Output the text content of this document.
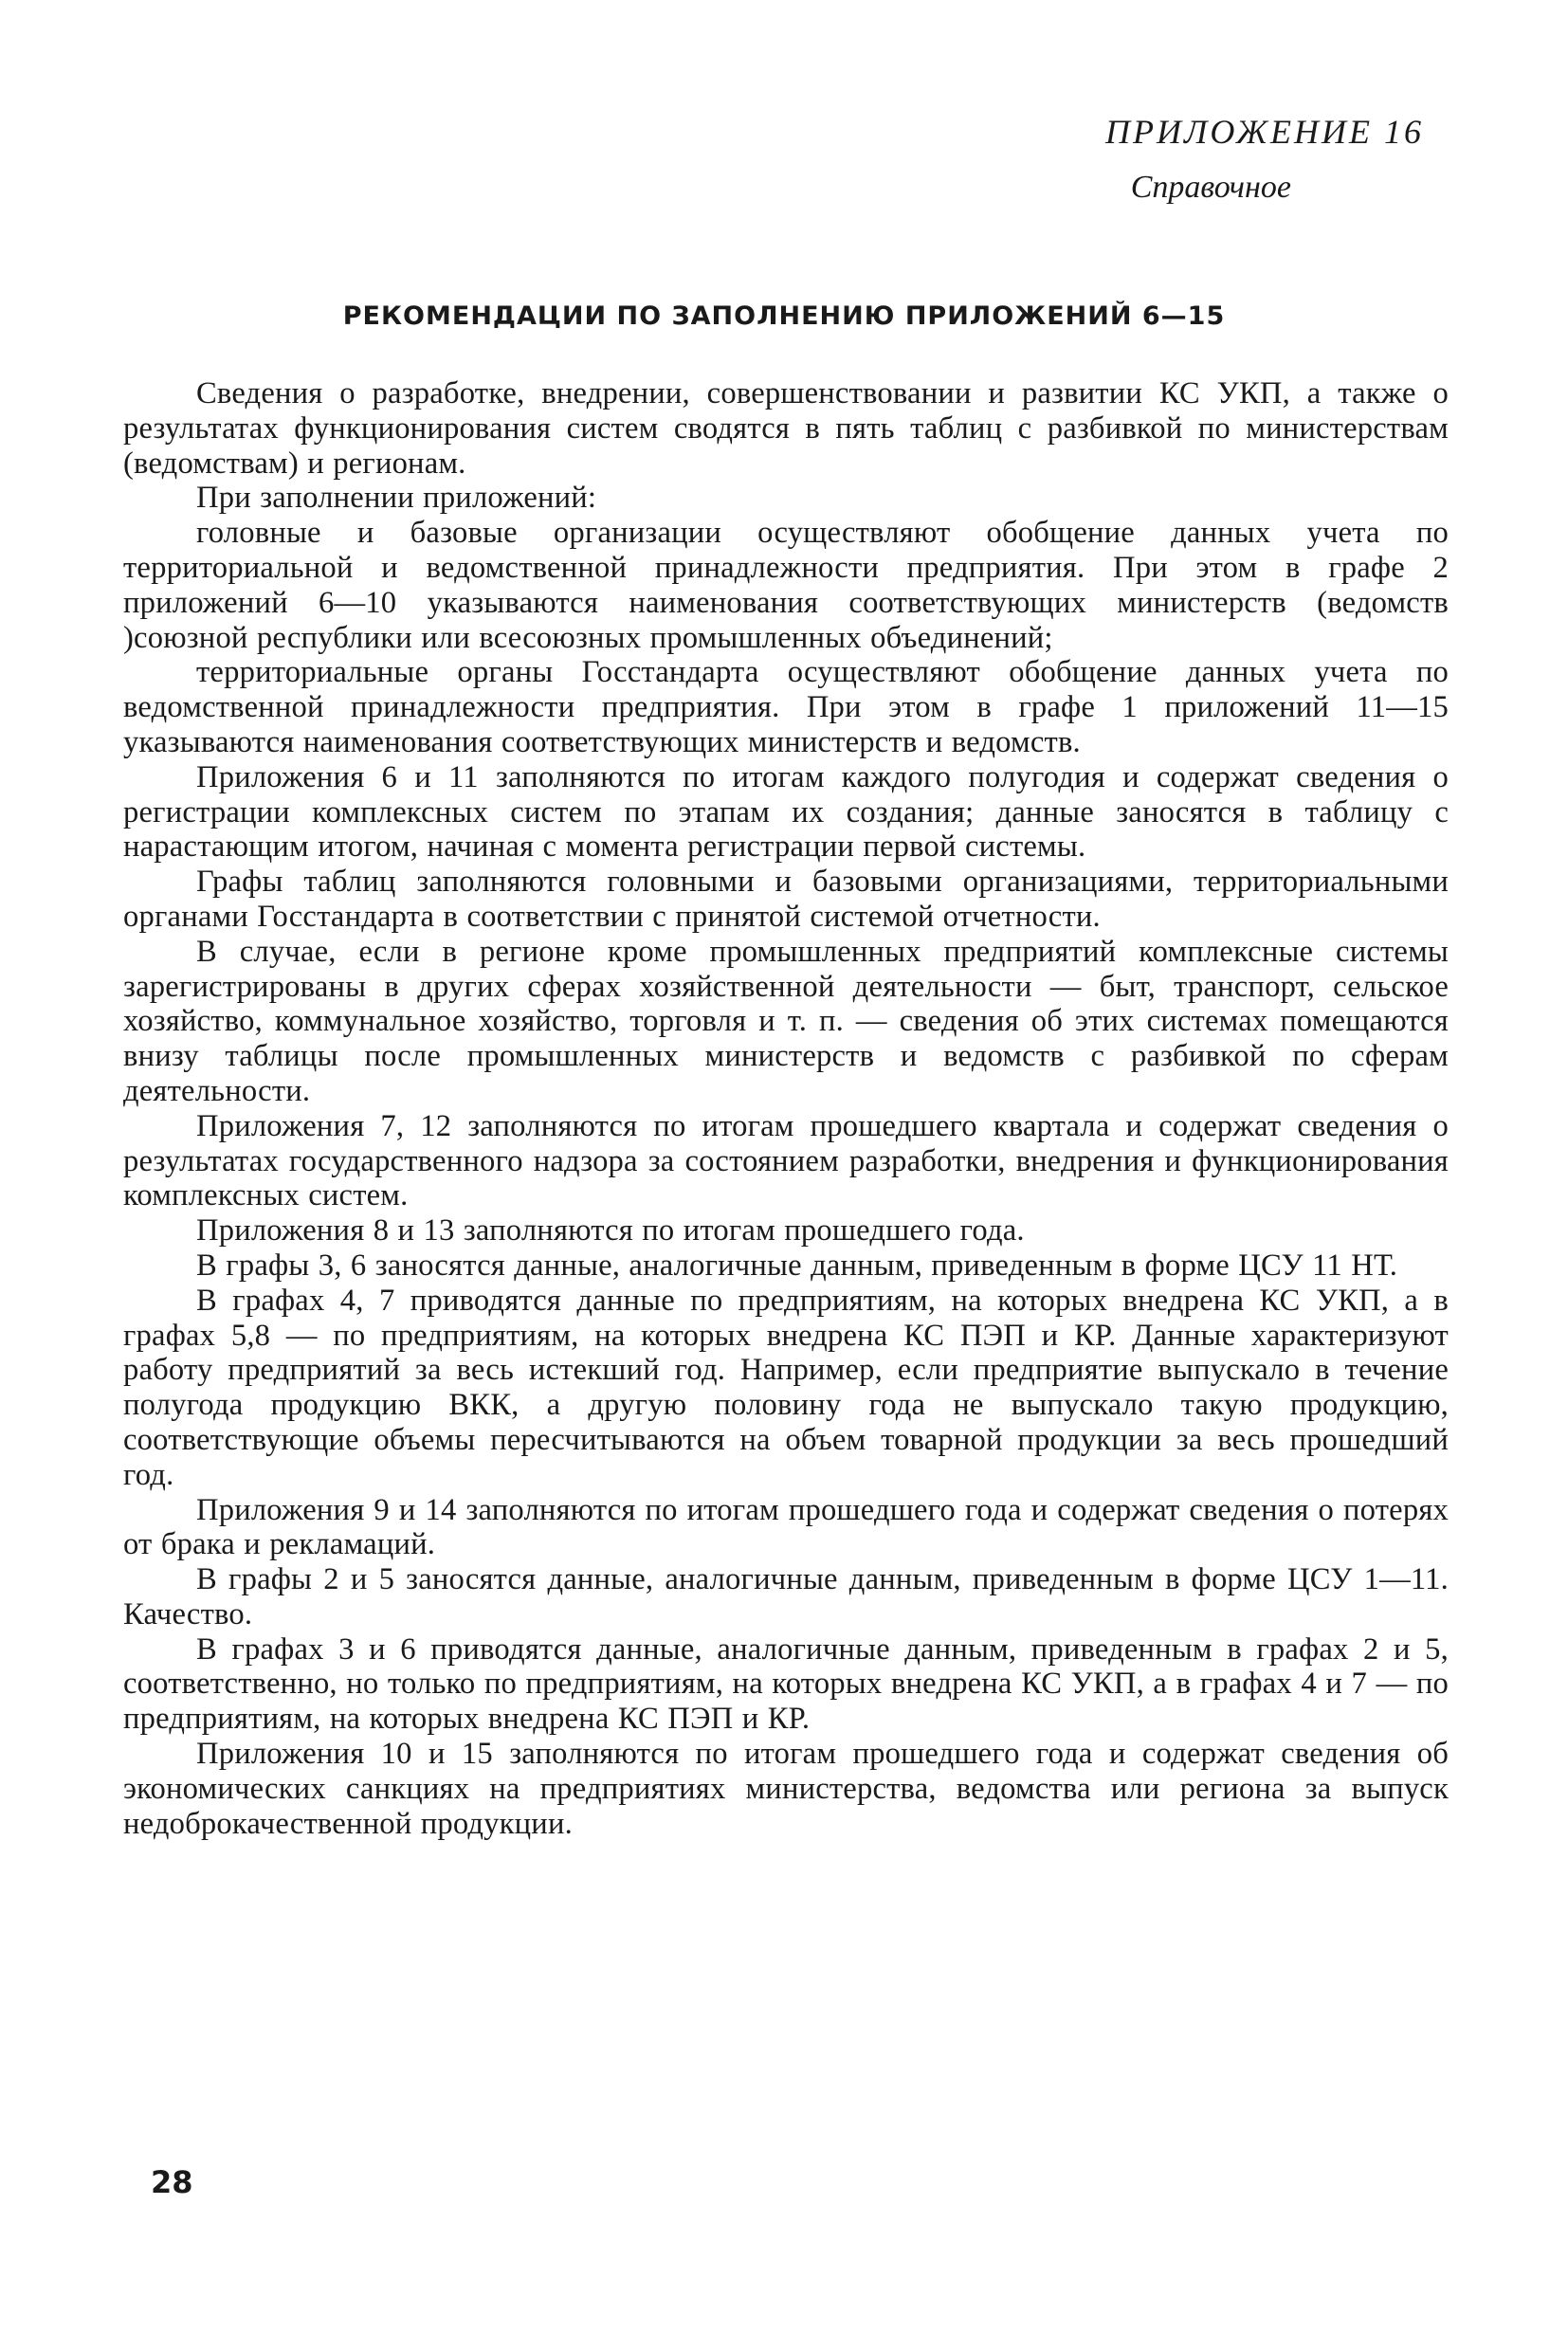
ПРИЛОЖЕНИЕ 16
Справочное
РЕКОМЕНДАЦИИ ПО ЗАПОЛНЕНИЮ ПРИЛОЖЕНИЙ 6—15

Сведения о разработке, внедрении, совершенствовании и развитии КС УКП, а также о результатах функционирования систем сводятся в пять таблиц с разбивкой по министерствам (ведомствам) и регионам.

При заполнении приложений:

головные и базовые организации осуществляют обобщение данных учета по территориальной и ведомственной принадлежности предприятия. При этом в графе 2 приложений 6—10 указываются наименования соответствующих министерств (ведомств )союзной республики или всесоюзных промышленных объединений;

территориальные органы Госстандарта осуществляют обобщение данных учета по ведомственной принадлежности предприятия. При этом в графе 1 приложений 11—15 указываются наименования соответствующих министерств и ведомств.

Приложения 6 и 11 заполняются по итогам каждого полугодия и содержат сведения о регистрации комплексных систем по этапам их создания; данные заносятся в таблицу с нарастающим итогом, начиная с момента регистрации первой системы.

Графы таблиц заполняются головными и базовыми организациями, территориальными органами Госстандарта в соответствии с принятой системой отчетности.

В случае, если в регионе кроме промышленных предприятий комплексные системы зарегистрированы в других сферах хозяйственной деятельности — быт, транспорт, сельское хозяйство, коммунальное хозяйство, торговля и т. п. — сведения об этих системах помещаются внизу таблицы после промышленных министерств и ведомств с разбивкой по сферам деятельности.

Приложения 7, 12 заполняются по итогам прошедшего квартала и содержат сведения о результатах государственного надзора за состоянием разработки, внедрения и функционирования комплексных систем.

Приложения 8 и 13 заполняются по итогам прошедшего года.

В графы 3, 6 заносятся данные, аналогичные данным, приведенным в форме ЦСУ 11 НТ.

В графах 4, 7 приводятся данные по предприятиям, на которых внедрена КС УКП, а в графах 5,8 — по предприятиям, на которых внедрена КС ПЭП и КР. Данные характеризуют работу предприятий за весь истекший год. Например, если предприятие выпускало в течение полугода продукцию ВКК, а другую половину года не выпускало такую продукцию, соответствующие объемы пересчитываются на объем товарной продукции за весь прошедший год.

Приложения 9 и 14 заполняются по итогам прошедшего года и содержат сведения о потерях от брака и рекламаций.

В графы 2 и 5 заносятся данные, аналогичные данным, приведенным в форме ЦСУ 1—11. Качество.

В графах 3 и 6 приводятся данные, аналогичные данным, приведенным в графах 2 и 5, соответственно, но только по предприятиям, на которых внедрена КС УКП, а в графах 4 и 7 — по предприятиям, на которых внедрена КС ПЭП и КР.

Приложения 10 и 15 заполняются по итогам прошедшего года и содержат сведения об экономических санкциях на предприятиях министерства, ведомства или региона за выпуск недоброкачественной продукции.

28
